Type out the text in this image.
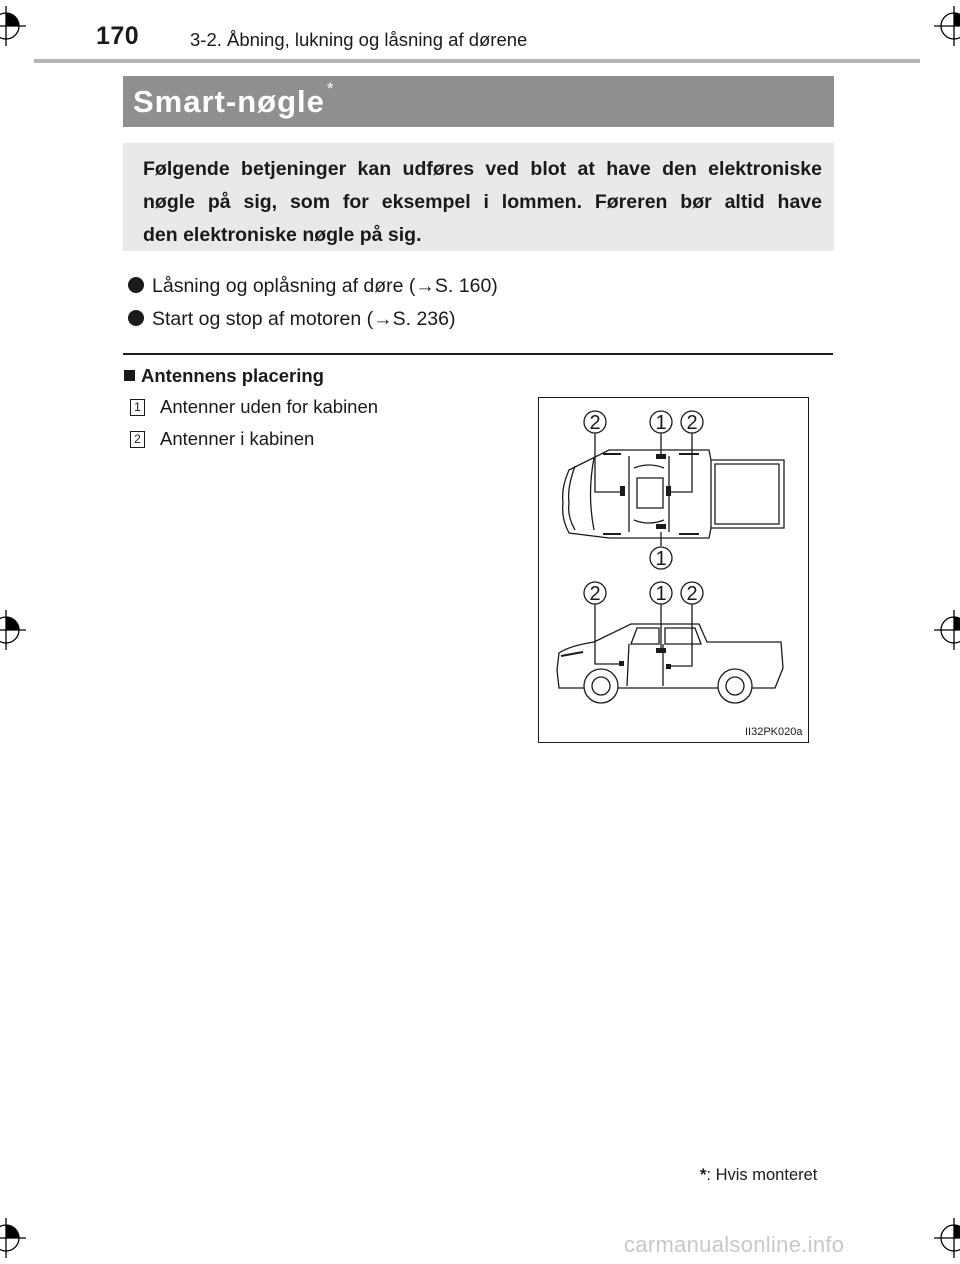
170	3-2. Åbning, lukning og låsning af dørene
Smart-nøgle *
Følgende betjeninger kan udføres ved blot at have den elektroniske
nøgle på sig, som for eksempel i lommen. Føreren bør altid have
den elektroniske nøgle på sig.
Låsning og oplåsning af døre (→S. 160)
Start og stop af motoren (→S. 236)
Antennens placering
1 Antenner uden for kabinen
2 Antenner i kabinen
2	1 2
1
2	1 2
II32PK020a
*: Hvis monteret
carmanualsonline.info
